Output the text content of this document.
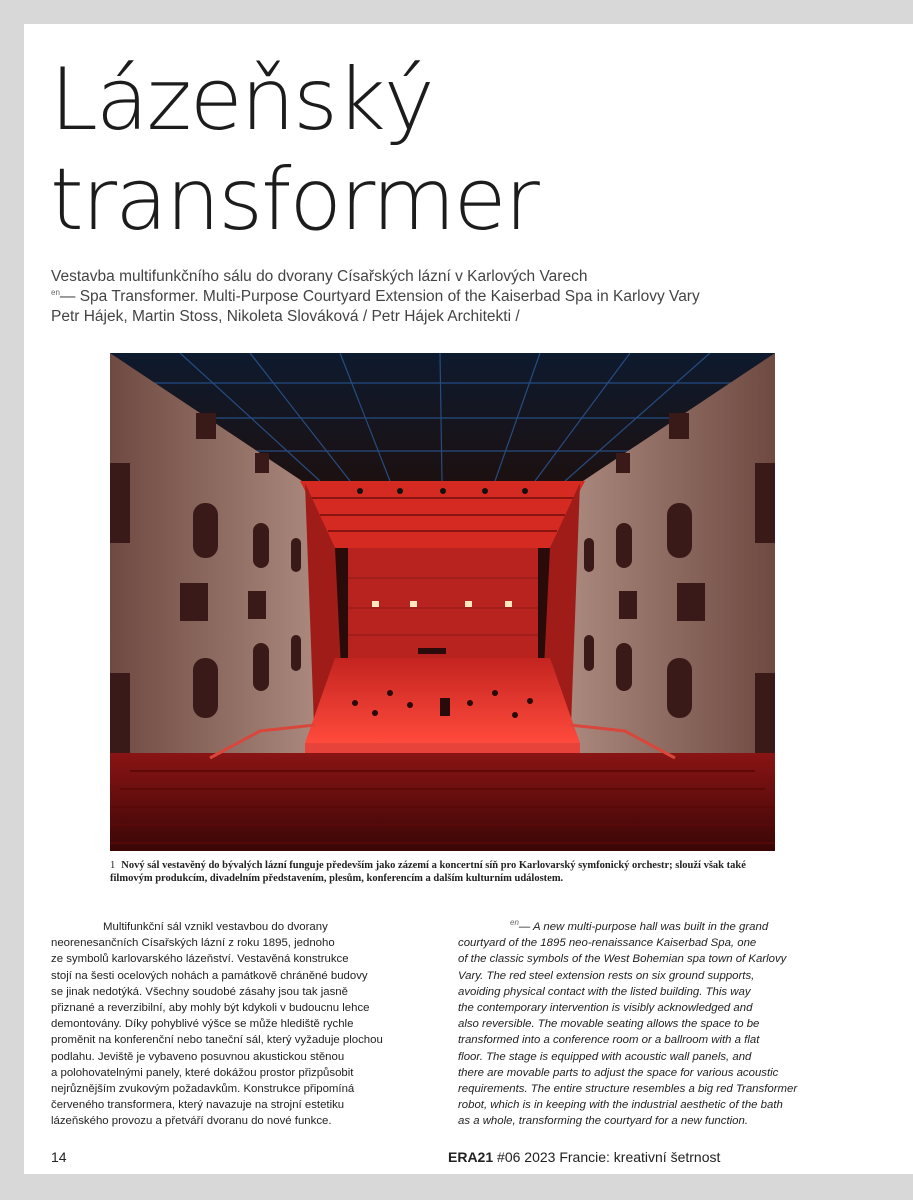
Lázeňský
transformer
Vestavba multifunkčního sálu do dvorany Císařských lázní v Karlových Varech
$^{en}$— Spa Transformer. Multi-Purpose Courtyard Extension of the Kaiserbad Spa in Karlovy Vary
Petr Hájek, Martin Stoss, Nikoleta Slováková / Petr Hájek Architekti /
1 Nový sál vestavěný do bývalých lázní funguje především jako zázemí a koncertní síň pro Karlovarský symfonický orchestr; slouží však také
filmovým produkcím, divadelním představením, plesům, konferencím a dalším kulturním událostem.
Multifunkční sál vznikl vestavbou do dvorany
neorenesančních Císařských lázní z roku 1895, jednoho
ze symbolů karlovarského lázeňství. Vestavěná konstrukce
stojí na šesti ocelových nohách a památkově chráněné budovy
se jinak nedotýká. Všechny soudobé zásahy jsou tak jasně
přiznané a reverzibilní, aby mohly být kdykoli v budoucnu lehce
demontovány. Díky pohyblivé výšce se může hlediště rychle
proměnit na konferenční nebo taneční sál, který vyžaduje plochou
podlahu. Jeviště je vybaveno posuvnou akustickou stěnou
a polohovatelnými panely, které dokážou prostor přizpůsobit
nejrůznějším zvukovým požadavkům. Konstrukce připomíná
červeného transformera, který navazuje na strojní estetiku
lázeňského provozu a přetváří dvoranu do nové funkce.
$^{en}$— A new multi-purpose hall was built in the grand
courtyard of the 1895 neo-renaissance Kaiserbad Spa, one
of the classic symbols of the West Bohemian spa town of Karlovy
Vary. The red steel extension rests on six ground supports,
avoiding physical contact with the listed building. This way
the contemporary intervention is visibly acknowledged and
also reversible. The movable seating allows the space to be
transformed into a conference room or a ballroom with a flat
floor. The stage is equipped with acoustic wall panels, and
there are movable parts to adjust the space for various acoustic
requirements. The entire structure resembles a big red Transformer
robot, which is in keeping with the industrial aesthetic of the bath
as a whole, transforming the courtyard for a new function.
14	ERA21 #06 2023 Francie: kreativní šetrnost
